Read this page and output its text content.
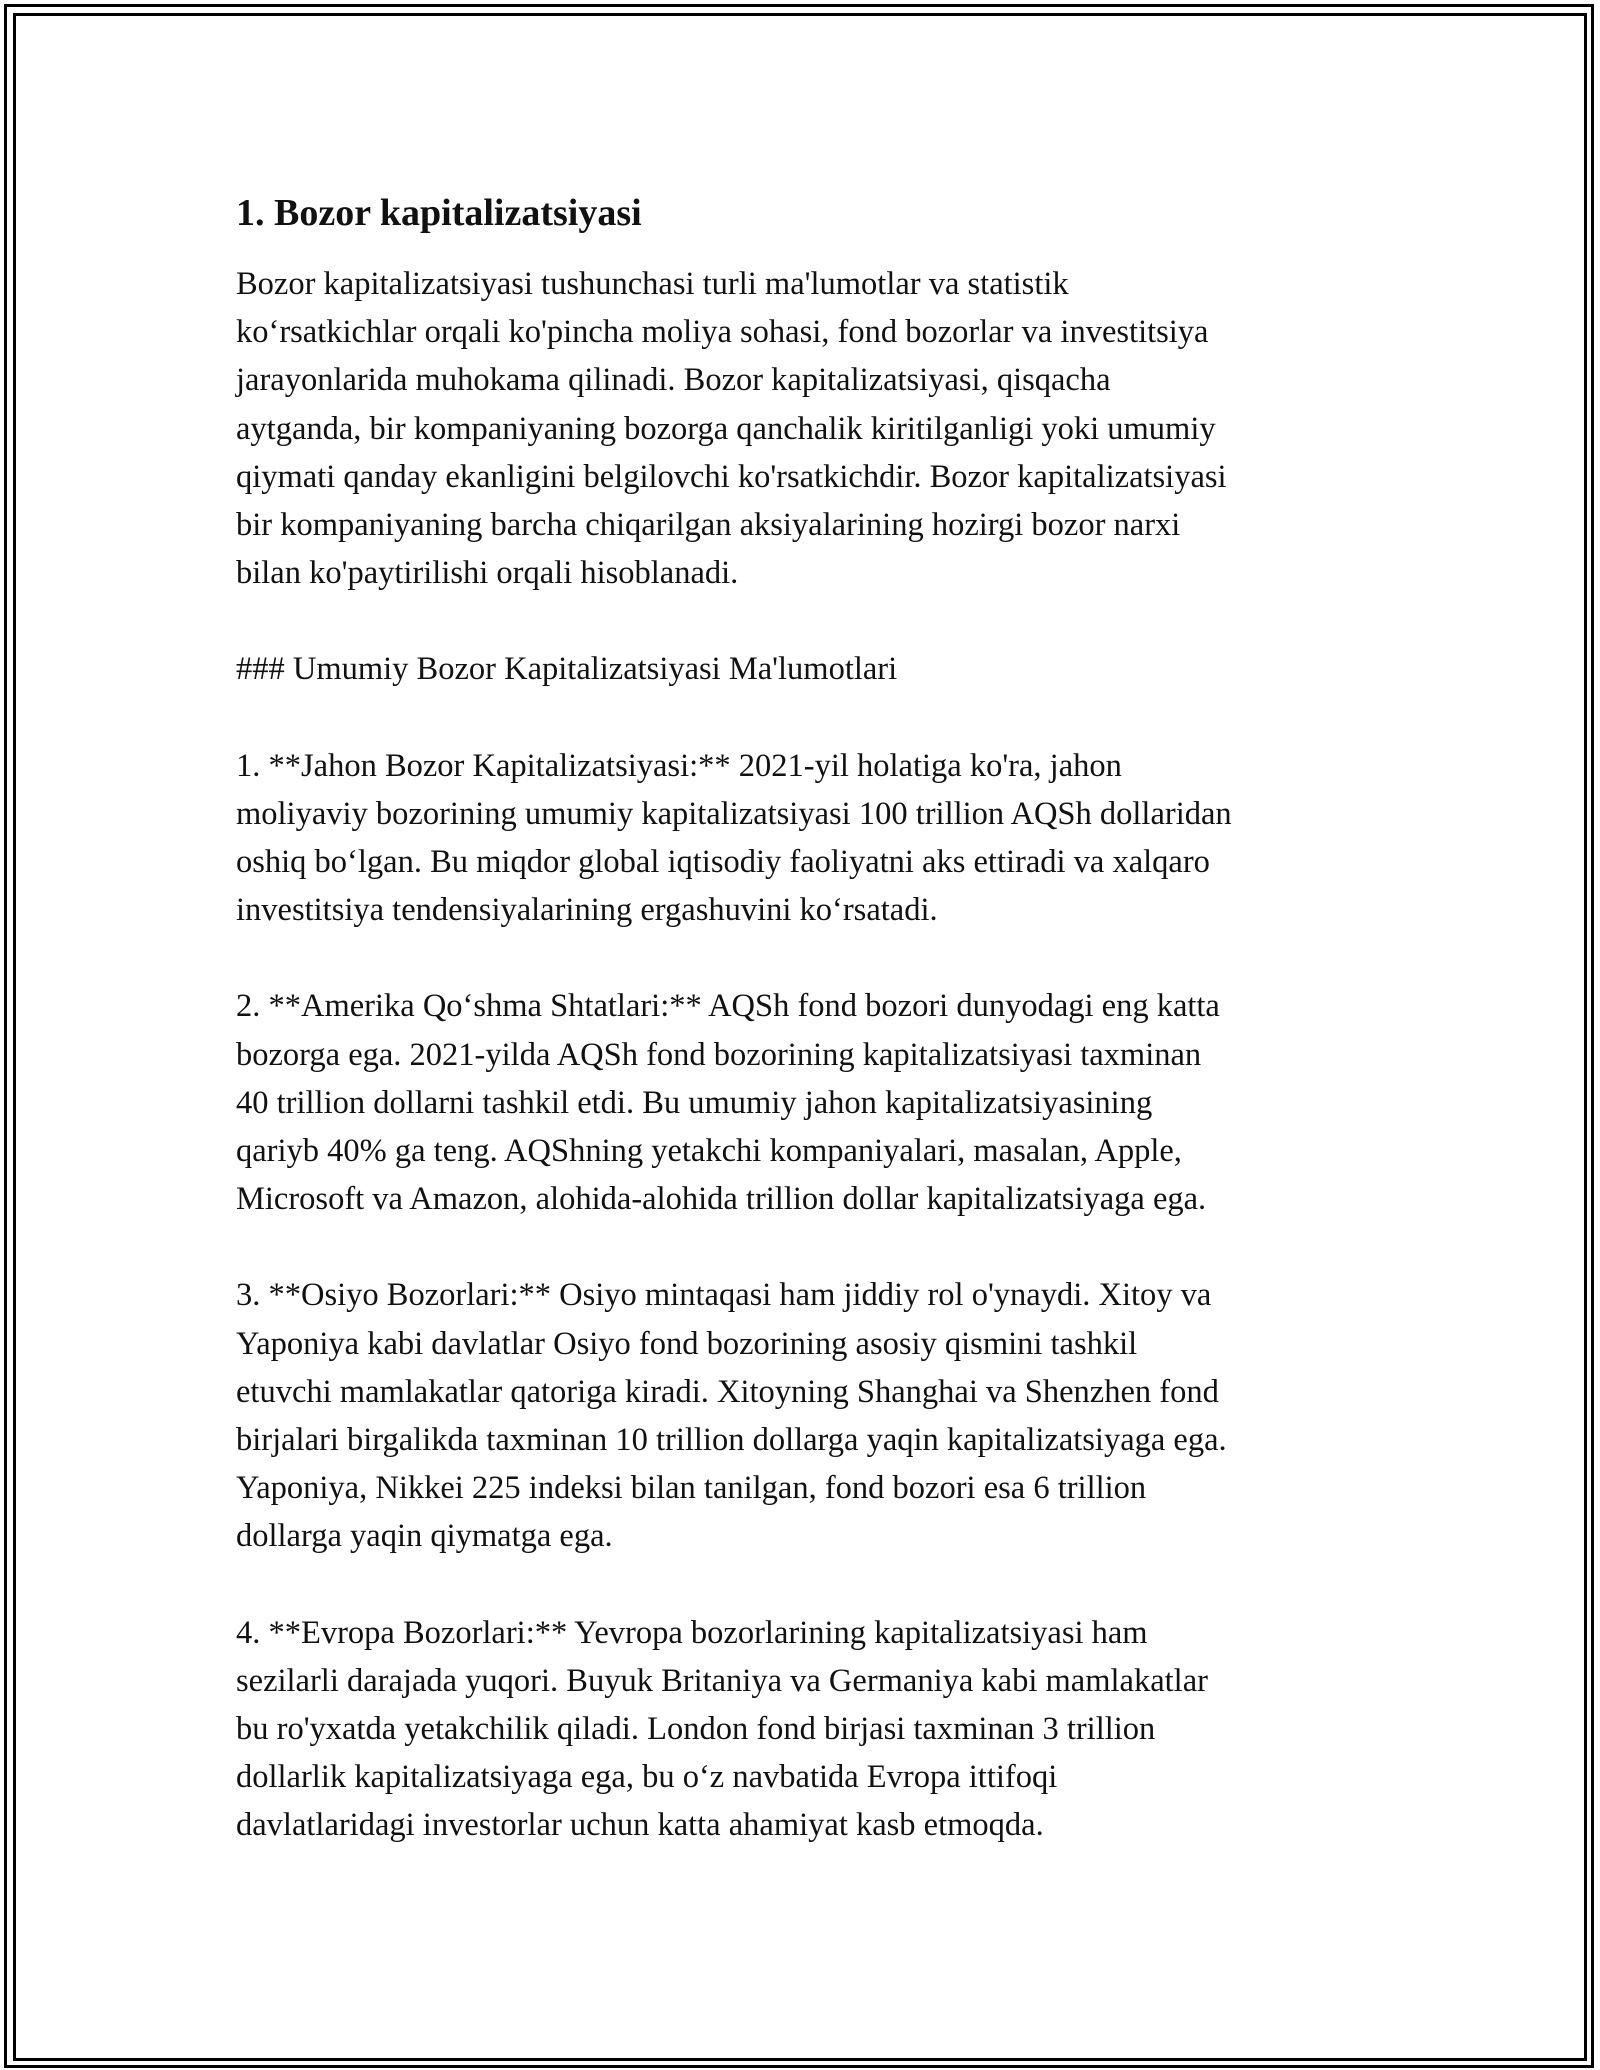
1. Bozor kapitalizatsiyasi
Bozor kapitalizatsiyasi tushunchasi turli ma'lumotlar va statistik
ko‘rsatkichlar orqali ko'pincha moliya sohasi, fond bozorlar va investitsiya
jarayonlarida muhokama qilinadi. Bozor kapitalizatsiyasi, qisqacha
aytganda, bir kompaniyaning bozorga qanchalik kiritilganligi yoki umumiy
qiymati qanday ekanligini belgilovchi ko'rsatkichdir. Bozor kapitalizatsiyasi
bir kompaniyaning barcha chiqarilgan aksiyalarining hozirgi bozor narxi
bilan ko'paytirilishi orqali hisoblanadi.
### Umumiy Bozor Kapitalizatsiyasi Ma'lumotlari
1. **Jahon Bozor Kapitalizatsiyasi:** 2021-yil holatiga ko'ra, jahon
moliyaviy bozorining umumiy kapitalizatsiyasi 100 trillion AQSh dollaridan
oshiq bo‘lgan. Bu miqdor global iqtisodiy faoliyatni aks ettiradi va xalqaro
investitsiya tendensiyalarining ergashuvini ko‘rsatadi.
2. **Amerika Qo‘shma Shtatlari:** AQSh fond bozori dunyodagi eng katta
bozorga ega. 2021-yilda AQSh fond bozorining kapitalizatsiyasi taxminan
40 trillion dollarni tashkil etdi. Bu umumiy jahon kapitalizatsiyasining
qariyb 40% ga teng. AQShning yetakchi kompaniyalari, masalan, Apple,
Microsoft va Amazon, alohida-alohida trillion dollar kapitalizatsiyaga ega.
3. **Osiyo Bozorlari:** Osiyo mintaqasi ham jiddiy rol o'ynaydi. Xitoy va
Yaponiya kabi davlatlar Osiyo fond bozorining asosiy qismini tashkil
etuvchi mamlakatlar qatoriga kiradi. Xitoyning Shanghai va Shenzhen fond
birjalari birgalikda taxminan 10 trillion dollarga yaqin kapitalizatsiyaga ega.
Yaponiya, Nikkei 225 indeksi bilan tanilgan, fond bozori esa 6 trillion
dollarga yaqin qiymatga ega.
4. **Evropa Bozorlari:** Yevropa bozorlarining kapitalizatsiyasi ham
sezilarli darajada yuqori. Buyuk Britaniya va Germaniya kabi mamlakatlar
bu ro'yxatda yetakchilik qiladi. London fond birjasi taxminan 3 trillion
dollarlik kapitalizatsiyaga ega, bu o‘z navbatida Evropa ittifoqi
davlatlaridagi investorlar uchun katta ahamiyat kasb etmoqda.
